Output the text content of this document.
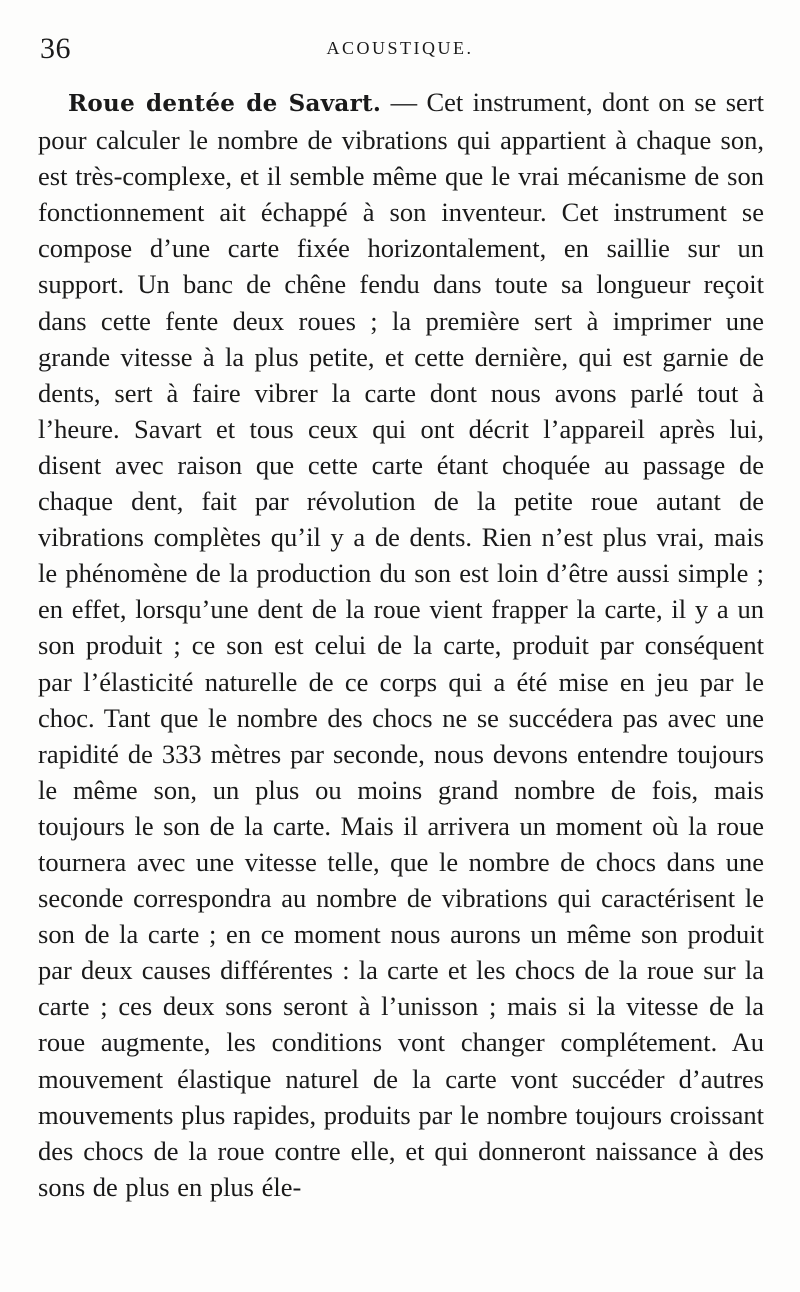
36	ACOUSTIQUE.

Roue dentée de Savart. — Cet instrument, dont on se sert pour calculer le nombre de vibrations qui appartient à chaque son, est très-complexe, et il semble même que le vrai mécanisme de son fonctionnement ait échappé à son inventeur. Cet instrument se compose d’une carte fixée horizontalement, en saillie sur un support. Un banc de chêne fendu dans toute sa longueur reçoit dans cette fente deux roues ; la première sert à imprimer une grande vitesse à la plus petite, et cette dernière, qui est garnie de dents, sert à faire vibrer la carte dont nous avons parlé tout à l’heure. Savart et tous ceux qui ont décrit l’appareil après lui, disent avec raison que cette carte étant choquée au passage de chaque dent, fait par révolution de la petite roue autant de vibrations complètes qu’il y a de dents. Rien n’est plus vrai, mais le phénomène de la production du son est loin d’être aussi simple ; en effet, lorsqu’une dent de la roue vient frapper la carte, il y a un son produit ; ce son est celui de la carte, produit par conséquent par l’élasticité naturelle de ce corps qui a été mise en jeu par le choc. Tant que le nombre des chocs ne se succédera pas avec une rapidité de 333 mètres par seconde, nous devons entendre toujours le même son, un plus ou moins grand nombre de fois, mais toujours le son de la carte. Mais il arrivera un moment où la roue tournera avec une vitesse telle, que le nombre de chocs dans une seconde correspondra au nombre de vibrations qui caractérisent le son de la carte ; en ce moment nous aurons un même son produit par deux causes différentes : la carte et les chocs de la roue sur la carte ; ces deux sons seront à l’unisson ; mais si la vitesse de la roue augmente, les conditions vont changer complétement. Au mouvement élastique naturel de la carte vont succéder d’autres mouvements plus rapides, produits par le nombre toujours croissant des chocs de la roue contre elle, et qui donneront naissance à des sons de plus en plus éle-
